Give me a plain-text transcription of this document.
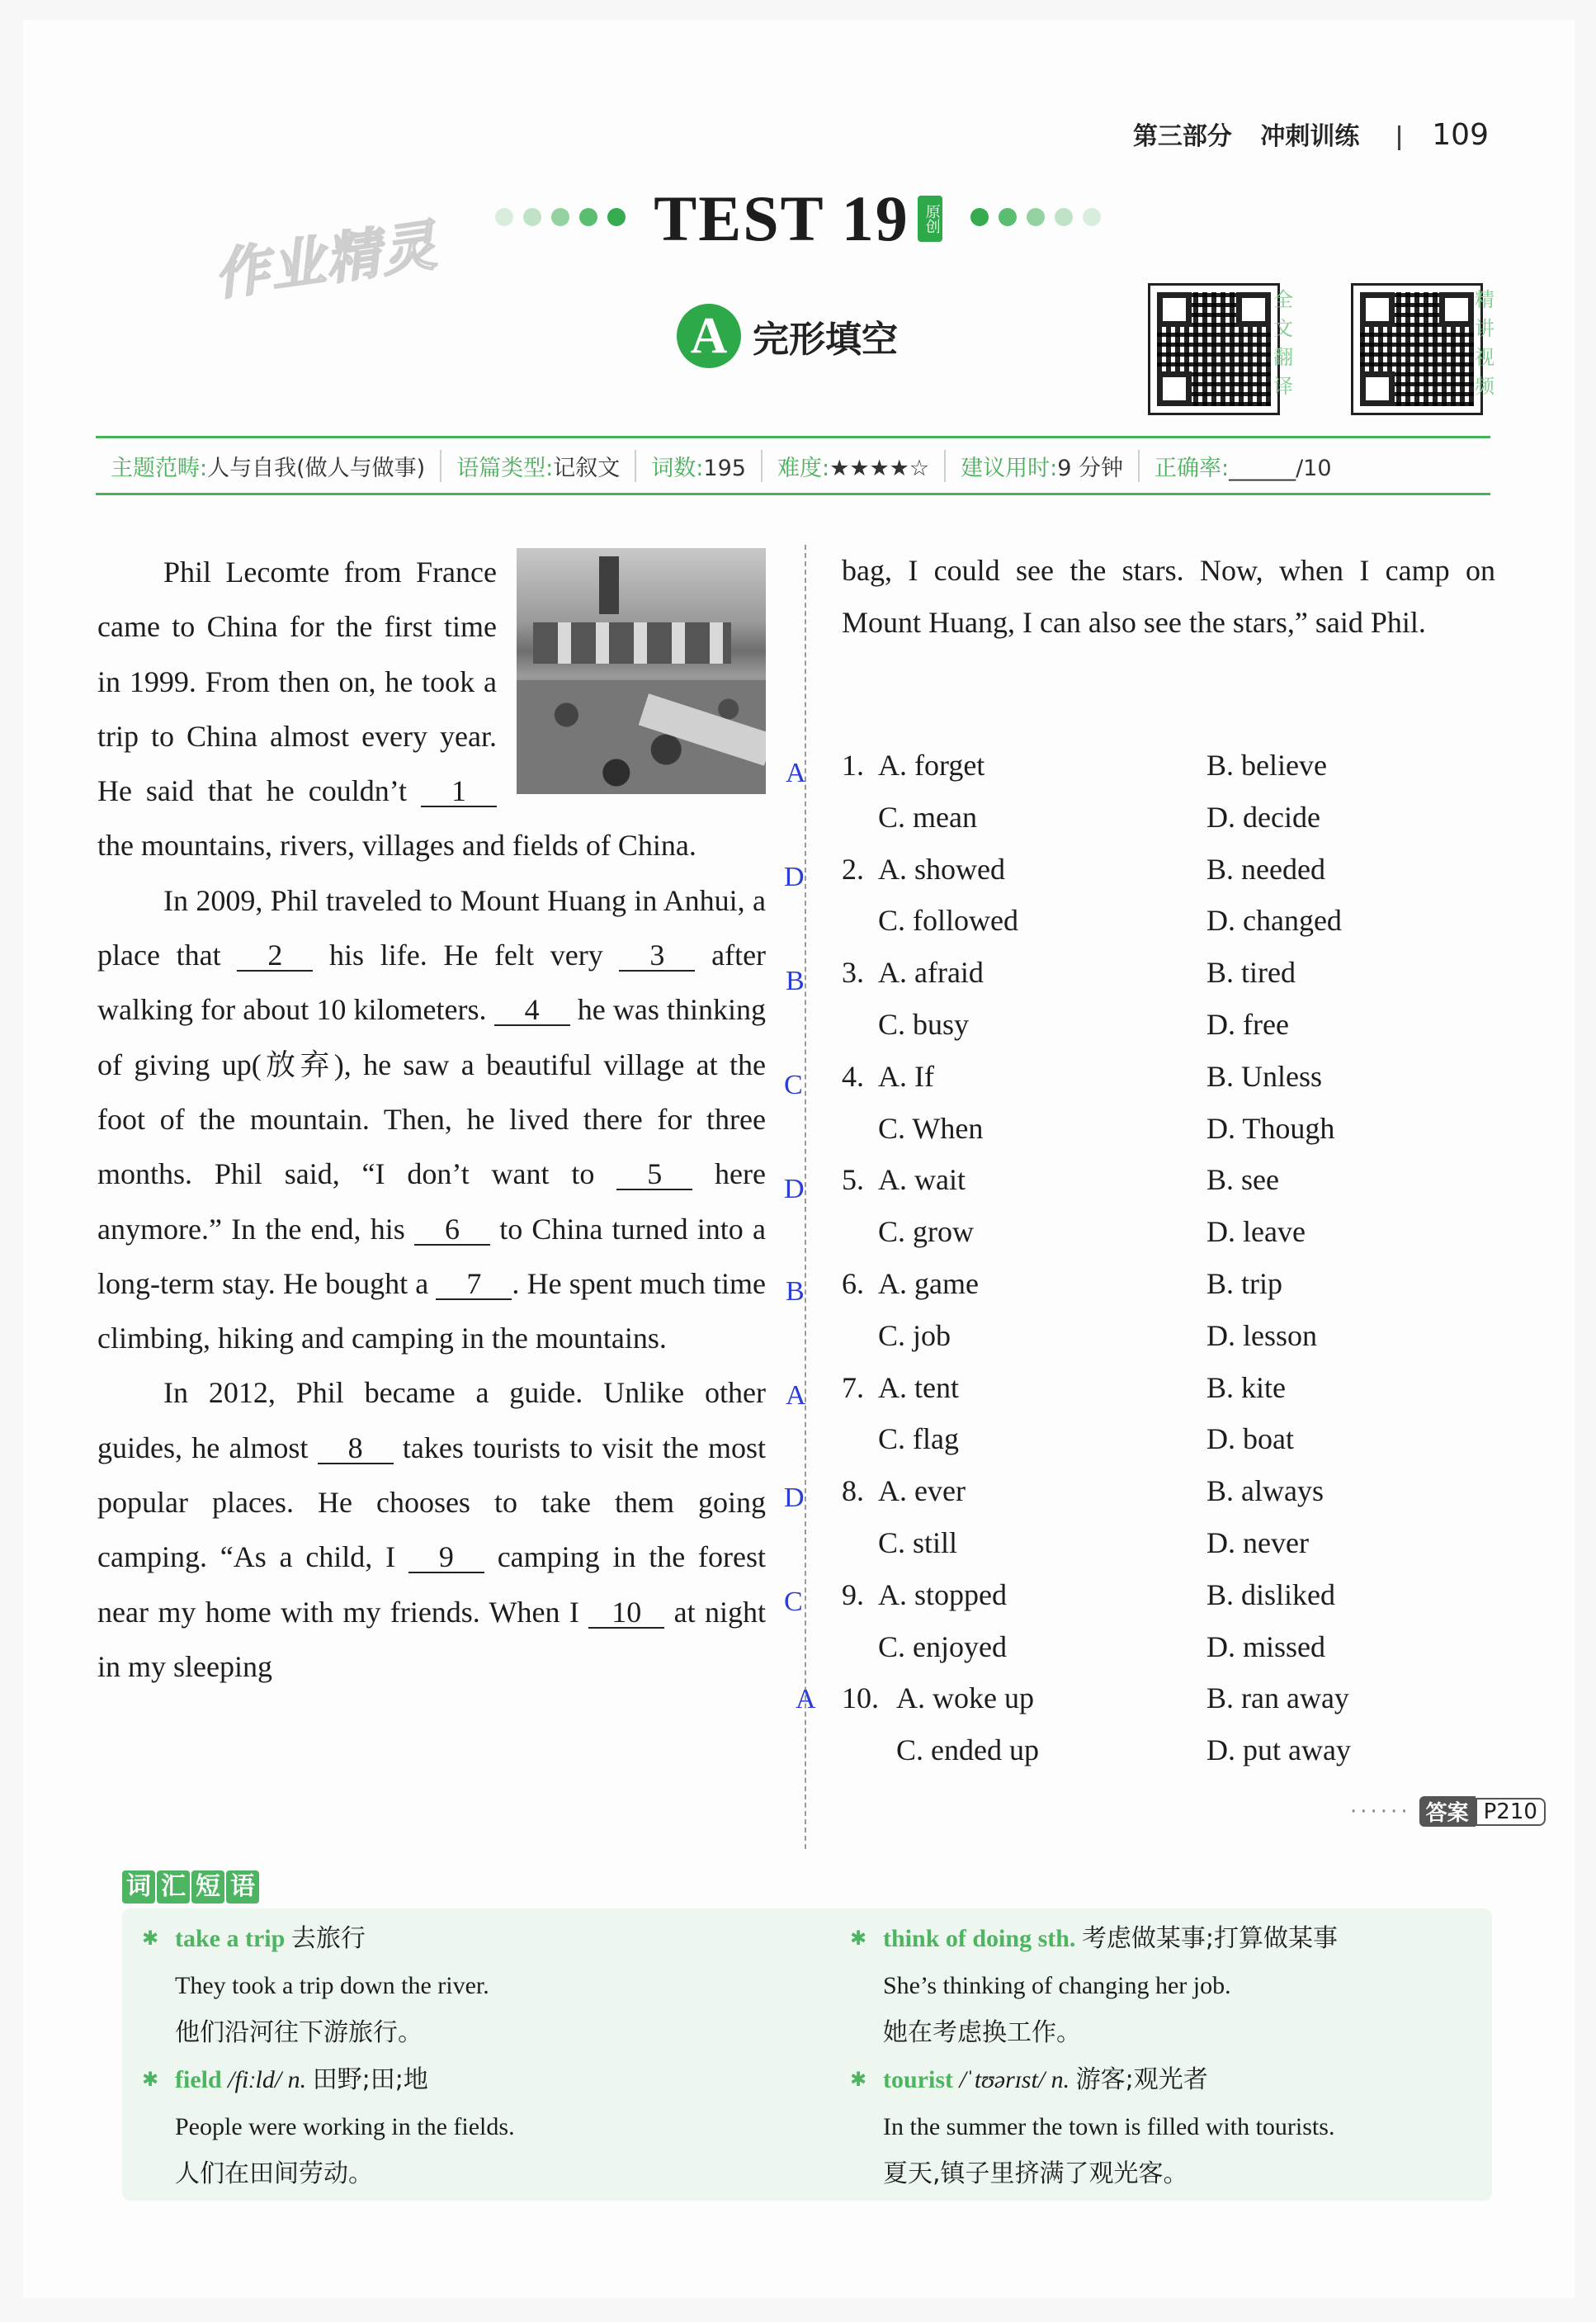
第三部分 冲刺训练 109
作业精灵	TEST 19 原创
A 完形填空
全文翻译
精讲视频
主题范畴:人与自我(做人与做事)	语篇类型:记叙文	词数:195	难度:★★★★☆	建议用时:9 分钟	正确率:______/10

Phil Lecomte from France came to China for the first time in 1999. From then on, he took a trip to China almost every year. He said that he couldn’t 1 the mountains, rivers, villages and fields of China.

In 2009, Phil traveled to Mount Huang in Anhui, a place that 2 his life. He felt very 3 after walking for about 10 kilometers. 4 he was thinking of giving up(放弃), he saw a beautiful village at the foot of the mountain. Then, he lived there for three months. Phil said, “I don’t want to 5 here anymore.” In the end, his 6 to China turned into a long-term stay. He bought a 7 . He spent much time climbing, hiking and camping in the mountains.

In 2012, Phil became a guide. Unlike other guides, he almost 8 takes tourists to visit the most popular places. He chooses to take them going camping. “As a child, I 9 camping in the forest near my home with my friends. When I 10 at night in my sleeping

A
D
B
C
D
B
A
D
C
A

bag, I could see the stars. Now, when I camp on Mount Huang, I can also see the stars,” said Phil.

1. A. forget	B. believe
C. mean	D. decide
2. A. showed	B. needed
C. followed	D. changed
3. A. afraid	B. tired
C. busy	D. free
4. A. If	B. Unless
C. When	D. Though
5. A. wait	B. see
C. grow	D. leave
6. A. game	B. trip
C. job	D. lesson
7. A. tent	B. kite
C. flag	D. boat
8. A. ever	B. always
C. still	D. never
9. A. stopped	B. disliked
C. enjoyed	D. missed
10. A. woke up	B. ran away
C. ended up	D. put away
······ 答案 P210
词 汇 短 语
✱ take a trip 去旅行
They took a trip down the river.
他们沿河往下游旅行。
✱ field /fiːld/ n. 田野;田;地
People were working in the fields.
人们在田间劳动。
✱ think of doing sth. 考虑做某事;打算做某事
She’s thinking of changing her job.
她在考虑换工作。
✱ tourist /ˈtʊərɪst/ n. 游客;观光者
In the summer the town is filled with tourists.
夏天,镇子里挤满了观光客。
